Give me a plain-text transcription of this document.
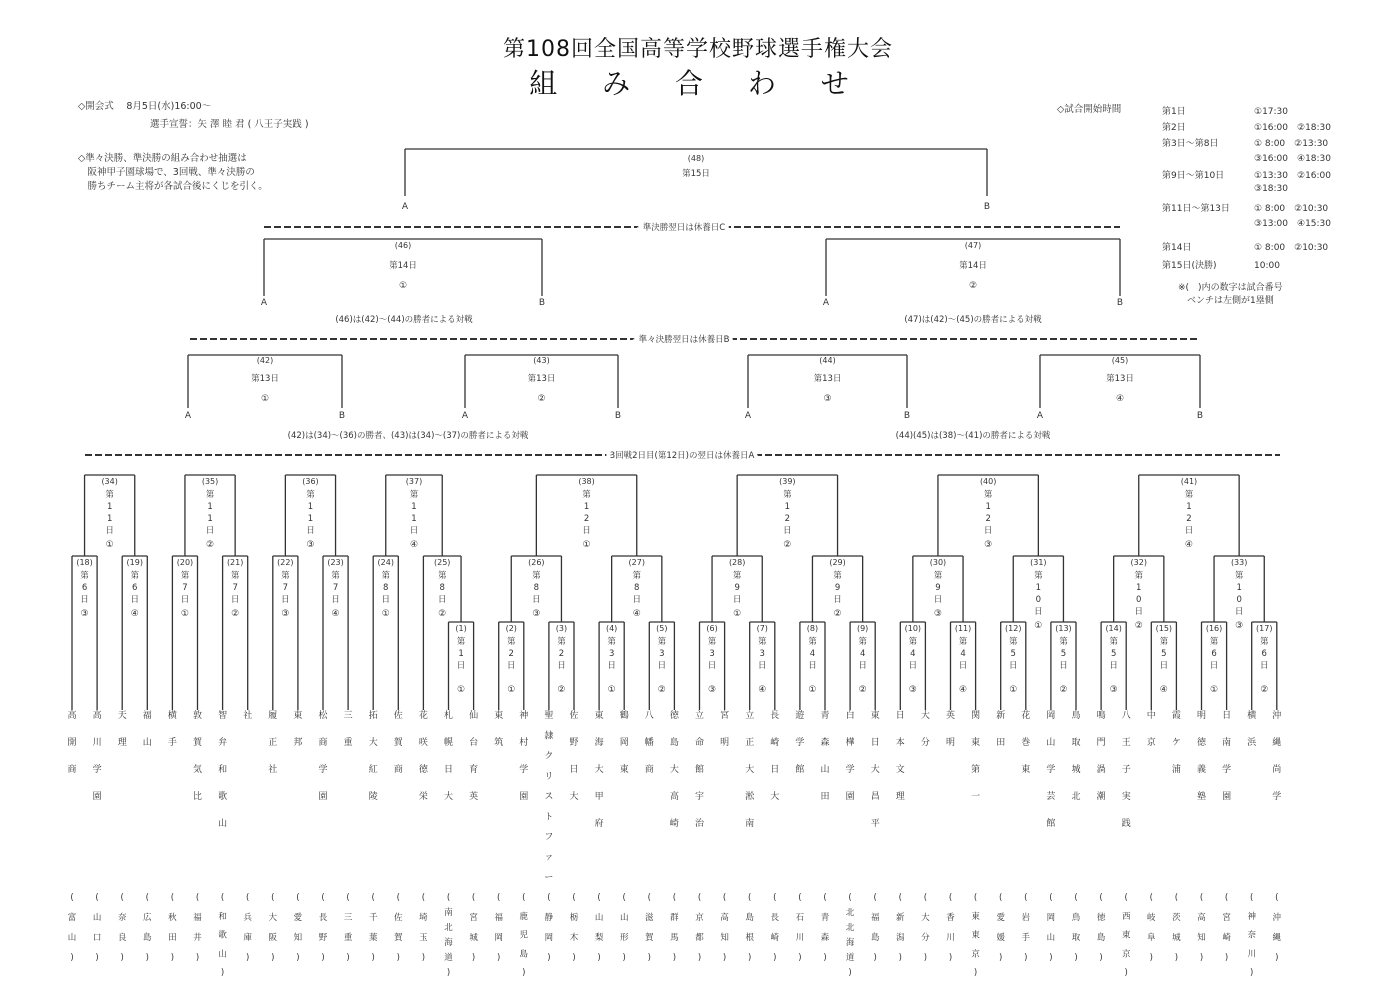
第108回全国高等学校野球選手権大会
組 み 合 わ せ
◇開会式　 8月5日(水)16:00～
選手宣誓：矢 澤 睦 君 ( 八王子実践 )
◇準々決勝、準決勝の組み合わせ抽選は
　阪神甲子園球場で、3回戦、準々決勝の
　勝ちチーム主将が各試合後にくじを引く。
◇試合開始時間	第1日	①17:30
第2日	①16:00　②18:30
第3日～第8日	① 8:00　②13:30
③16:00　④18:30
第9日～第10日	①13:30　②16:00
③18:30
第11日～第13日	① 8:00　②10:30
③13:00　④15:30
第14日	① 8:00　②10:30
第15日(決勝)	10:00
※(　)内の数字は試合番号
　ベンチは左側が1塁側
高開商
(富山)
高川学園
(山口)
天理
(奈良)
福山
(広島)
横手
(秋田)
敦賀気比
(福井)
智弁和歌山
(和歌山)
社
(兵庫)
履正社
(大阪)
東邦
(愛知)
松商学園
(長野)
三重
(三重)
拓大紅陵
(千葉)
佐賀商
(佐賀)
花咲徳栄
(埼玉)
札幌日大
(南北海道)
仙台育英
(宮城)
東筑
(福岡)
神村学園
(鹿児島)
聖隷クリストファー
(静岡)
佐野日大
(栃木)
東海大甲府
(山梨)
鶴岡東
(山形)
八幡商
(滋賀)
徳島大高崎
(群馬)
立命館宇治
(京都)
宮明
(高知)
立正大淞南
(島根)
長崎日大
(長崎)
遊学館
(石川)
青森山田
(青森)
白樺学園
(北北海道)
東日大昌平
(福島)
日本文理
(新潟)
大分
(大分)
英明
(香川)
関東第一
(東東京)
新田
(愛媛)
花巻東
(岩手)
岡山学芸館
(岡山)
鳥取城北
(鳥取)
鳴門渦潮
(徳島)
八王子実践
(西東京)
中京
(岐阜)
霞ケ浦
(茨城)
明徳義塾
(高知)
日南学園
(宮崎)
横浜
(神奈川)
沖縄尚学
(沖縄)
(1)
第 1 日
①
(2)
第 2 日
①
(3)
第 2 日
②
(4)
第 3 日
①
(5)
第 3 日
②
(6)
第 3 日
③
(7)
第 3 日
④
(8)
第 4 日
①
(9)
第 4 日
②
(10)
第 4 日
③
(11)
第 4 日
④
(12)
第 5 日
①
(13)
第 5 日
②
(14)
第 5 日
③
(15)
第 5 日
④
(16)
第 6 日
①
(17)
第 6 日
②
(18)
第 6 日
③
(19)
第 6 日
④
(20)
第 7 日
①
(21)
第 7 日
②
(22)
第 7 日
③
(23)
第 7 日
④
(24)
第 8 日
①
(25)
第 8 日
②
(26)
第 8 日
③
(27)
第 8 日
④
(28)
第 9 日
①
(29)
第 9 日
②
(30)
第 9 日
③
(31)
第 1 0 日
①
(32)
第 1 0 日
②
(33)
第 1 0 日
③
(34)
第 1 1 日
①
(35)
第 1 1 日
②
(36)
第 1 1 日
③
(37)
第 1 1 日
④
(38)
第 1 2 日
①
(39)
第 1 2 日
②
(40)
第 1 2 日
③
(41)
第 1 2 日
④
3回戦2日目(第12日)の翌日は休養日A
(42)は(34)～(36)の勝者、(43)は(34)～(37)の勝者による対戦	(44)(45)は(38)～(41)の勝者による対戦
(42)
第13日
①
A	B
(43)
第13日
②
A	B
(44)
第13日
③
A	B
(45)
第13日
④
A	B
準々決勝翌日は休養日B
(46)は(42)～(44)の勝者による対戦	(47)は(42)～(45)の勝者による対戦
(46)
第14日
①
A	B
(47)
第14日
②
A	B
準決勝翌日は休養日C
(48)
第15日
A	B
